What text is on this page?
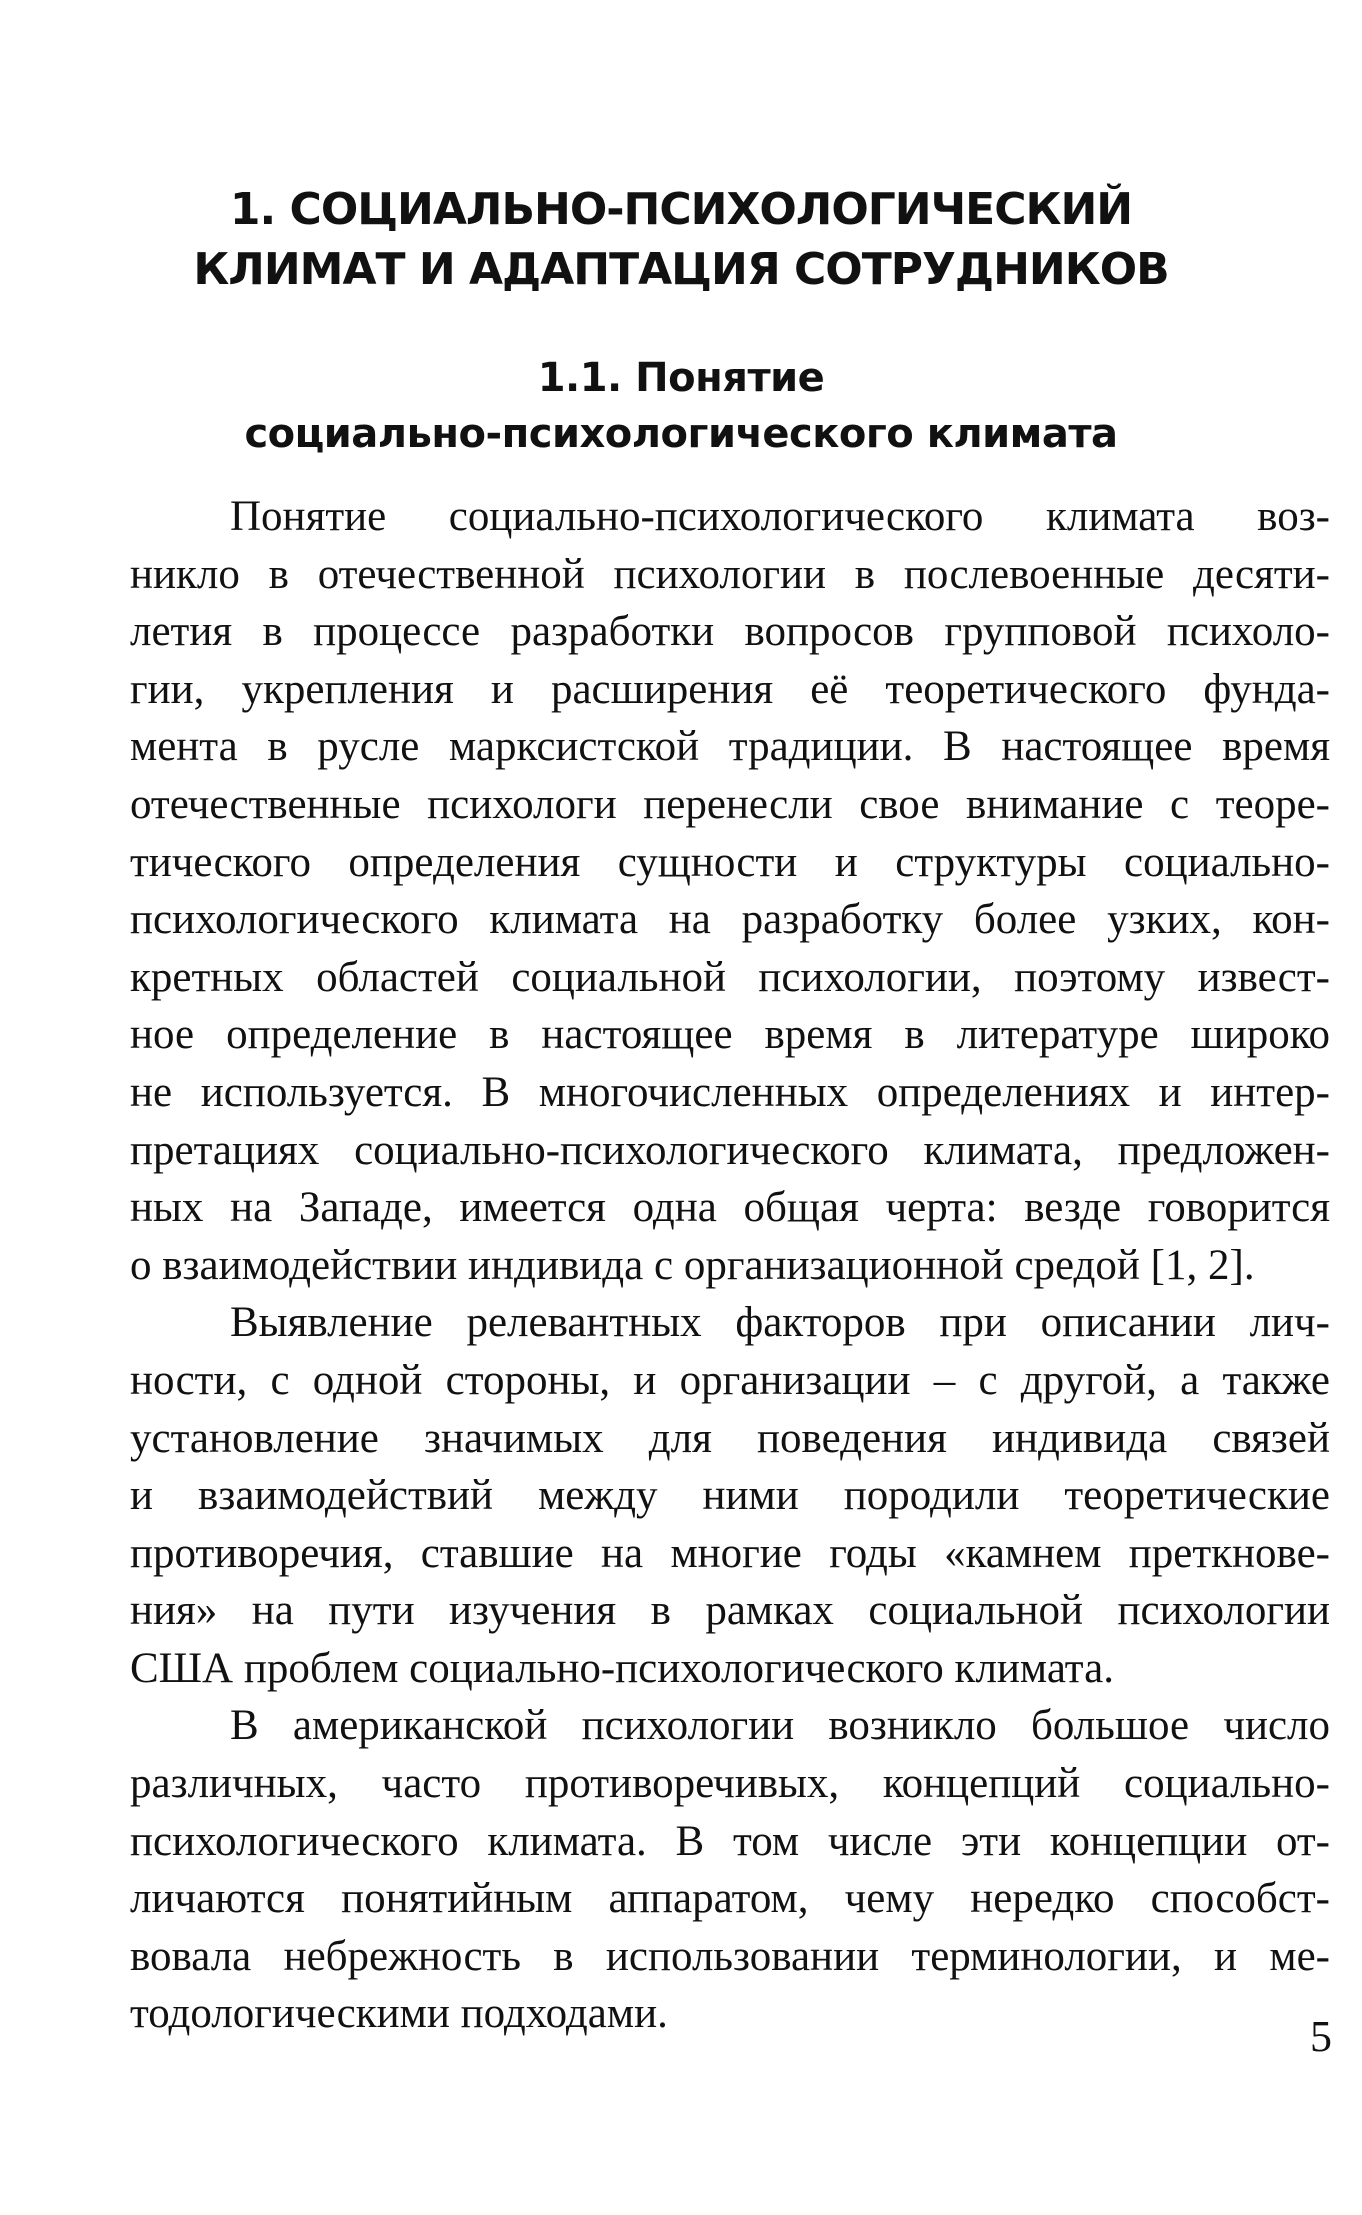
1. СОЦИАЛЬНО-ПСИХОЛОГИЧЕСКИЙ
КЛИМАТ И АДАПТАЦИЯ СОТРУДНИКОВ
1.1. Понятие
социально-психологического климата
Понятие социально-психологического климата воз-
никло в отечественной психологии в послевоенные десяти-
летия в процессе разработки вопросов групповой психоло-
гии, укрепления и расширения её теоретического фунда-
мента в русле марксистской традиции. В настоящее время
отечественные психологи перенесли свое внимание с теоре-
тического определения сущности и структуры социально-
психологического климата на разработку более узких, кон-
кретных областей социальной психологии, поэтому извест-
ное определение в настоящее время в литературе широко
не используется. В многочисленных определениях и интер-
претациях социально-психологического климата, предложен-
ных на Западе, имеется одна общая черта: везде говорится
о взаимодействии индивида с организационной средой [1, 2].
Выявление релевантных факторов при описании лич-
ности, с одной стороны, и организации – с другой, а также
установление значимых для поведения индивида связей
и взаимодействий между ними породили теоретические
противоречия, ставшие на многие годы «камнем преткнове-
ния» на пути изучения в рамках социальной психологии
США проблем социально-психологического климата.
В американской психологии возникло большое число
различных, часто противоречивых, концепций социально-
психологического климата. В том числе эти концепции от-
личаются понятийным аппаратом, чему нередко способст-
вовала небрежность в использовании терминологии, и ме-
тодологическими подходами.	5
